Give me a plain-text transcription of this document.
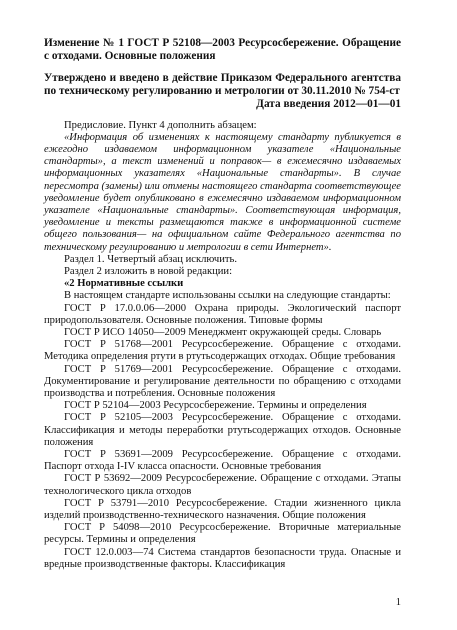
Изменение № 1 ГОСТ Р 52108—2003 Ресурсосбережение. Обращение с отходами. Основные положения

Утверждено и введено в действие Приказом Федерального агентства по техническому регулированию и метрологии от 30.11.2010 № 754-ст

Дата введения 2012—01—01

Предисловие. Пункт 4 дополнить абзацем:

«Информация об изменениях к настоящему стандарту публикуется в ежегодно издаваемом информационном указателе «Национальные стандарты», а текст изменений и поправок— в ежемесячно издаваемых информационных указателях «Национальные стандарты». В случае пересмотра (замены) или отмены настоящего стандарта соответствующее уведомление будет опубликовано в ежемесячно издаваемом информационном указателе «Национальные стандарты». Соответствующая информация, уведомление и тексты размещаются также в информационной системе общего пользования— на официальном сайте Федерального агентства по техническому регулированию и метрологии в сети Интернет».

Раздел 1. Четвертый абзац исключить.

Раздел 2 изложить в новой редакции:

«2 Нормативные ссылки

В настоящем стандарте использованы ссылки на следующие стандарты:

ГОСТ Р 17.0.0.06—2000 Охрана природы. Экологический паспорт природопользователя. Основные положения. Типовые формы

ГОСТ Р ИСО 14050—2009 Менеджмент окружающей среды. Словарь

ГОСТ Р 51768—2001 Ресурсосбережение. Обращение с отходами. Методика определения ртути в ртутьсодержащих отходах. Общие требования

ГОСТ Р 51769—2001 Ресурсосбережение. Обращение с отходами. Документирование и регулирование деятельности по обращению с отходами производства и потребления. Основные положения

ГОСТ Р 52104—2003 Ресурсосбережение. Термины и определения

ГОСТ Р 52105—2003 Ресурсосбережение. Обращение с отходами. Классификация и методы переработки ртутьсодержащих отходов. Основные положения

ГОСТ Р 53691—2009 Ресурсосбережение. Обращение с отходами. Паспорт отхода I-IV класса опасности. Основные требования

ГОСТ Р 53692—2009 Ресурсосбережение. Обращение с отходами. Этапы технологического цикла отходов

ГОСТ Р 53791—2010 Ресурсосбережение. Стадии жизненного цикла изделий производственно-технического назначения. Общие положения

ГОСТ Р 54098—2010 Ресурсосбережение. Вторичные материальные ресурсы. Термины и определения

ГОСТ 12.0.003—74 Система стандартов безопасности труда. Опасные и вредные производственные факторы. Классификация

1
